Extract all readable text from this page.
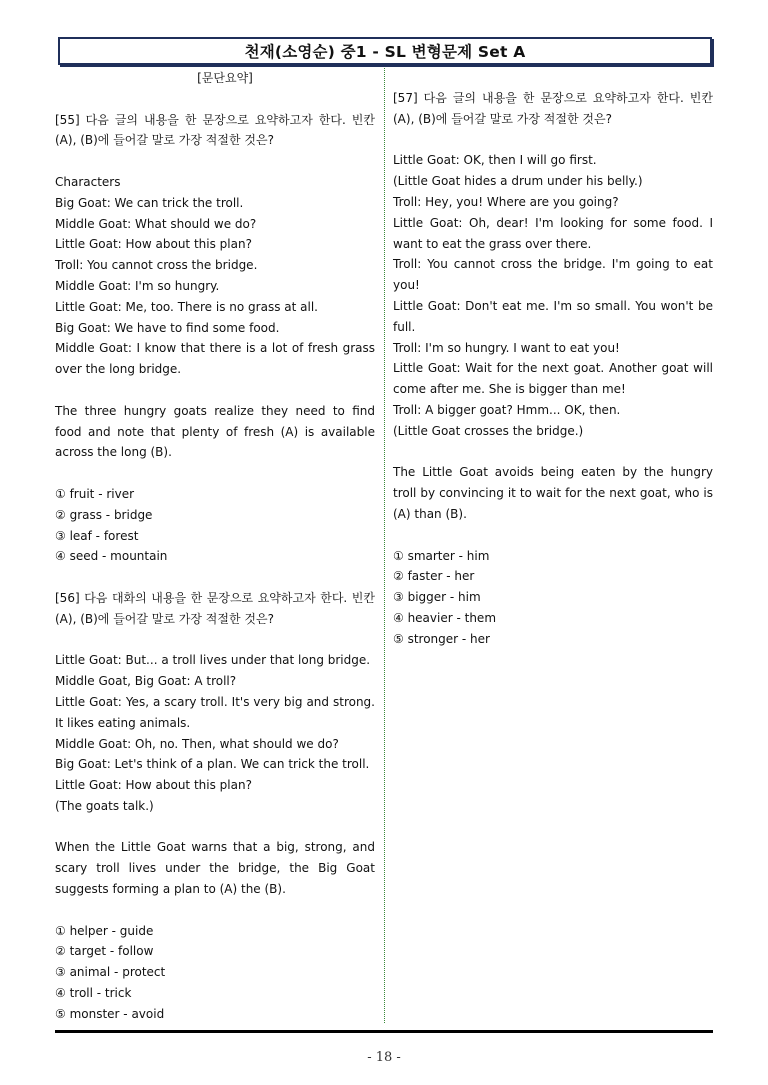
천재(소영순) 중1 - SL 변형문제 Set A

[문단요약]

[55] 다음 글의 내용을 한 문장으로 요약하고자 한다. 빈칸 (A), (B)에 들어갈 말로 가장 적절한 것은?

Characters

Big Goat: We can trick the troll.

Middle Goat: What should we do?

Little Goat: How about this plan?

Troll: You cannot cross the bridge.

Middle Goat: I'm so hungry.

Little Goat: Me, too. There is no grass at all.

Big Goat: We have to find some food.

Middle Goat: I know that there is a lot of fresh grass over the long bridge.

The three hungry goats realize they need to find food and note that plenty of fresh (A) is available across the long (B).

① fruit - river

② grass - bridge

③ leaf - forest

④ seed - mountain

[56] 다음 대화의 내용을 한 문장으로 요약하고자 한다. 빈칸 (A), (B)에 들어갈 말로 가장 적절한 것은?

Little Goat: But... a troll lives under that long bridge.

Middle Goat, Big Goat: A troll?

Little Goat: Yes, a scary troll. It's very big and strong. It likes eating animals.

Middle Goat: Oh, no. Then, what should we do?

Big Goat: Let's think of a plan. We can trick the troll.

Little Goat: How about this plan?

(The goats talk.)

When the Little Goat warns that a big, strong, and scary troll lives under the bridge, the Big Goat suggests forming a plan to (A) the (B).

① helper - guide

② target - follow

③ animal - protect

④ troll - trick

⑤ monster - avoid

[57] 다음 글의 내용을 한 문장으로 요약하고자 한다. 빈칸 (A), (B)에 들어갈 말로 가장 적절한 것은?

Little Goat: OK, then I will go first.

(Little Goat hides a drum under his belly.)

Troll: Hey, you! Where are you going?

Little Goat: Oh, dear! I'm looking for some food. I want to eat the grass over there.

Troll: You cannot cross the bridge. I'm going to eat you!

Little Goat: Don't eat me. I'm so small. You won't be full.

Troll: I'm so hungry. I want to eat you!

Little Goat: Wait for the next goat. Another goat will come after me. She is bigger than me!

Troll: A bigger goat? Hmm... OK, then.

(Little Goat crosses the bridge.)

The Little Goat avoids being eaten by the hungry troll by convincing it to wait for the next goat, who is (A) than (B).

① smarter - him

② faster - her

③ bigger - him

④ heavier - them

⑤ stronger - her

- 18 -
